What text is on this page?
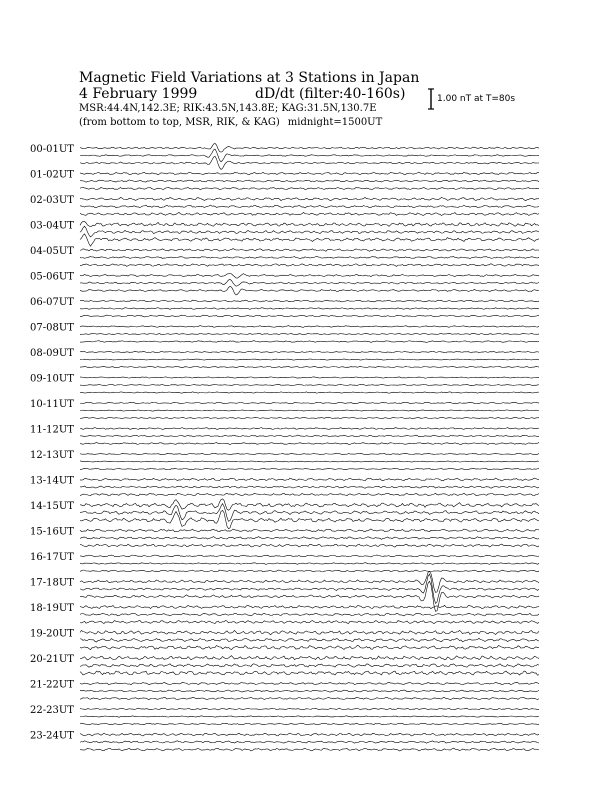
Magnetic Field Variations at 3 Stations in Japan
4 February 1999	dD/dt (filter:40-160s)
MSR:44.4N,142.3E; RIK:43.5N,143.8E; KAG:31.5N,130.7E
(from bottom to top, MSR, RIK, & KAG) midnight=1500UT
1.00 nT at T=80s
00-01UT
01-02UT
02-03UT
03-04UT
04-05UT
05-06UT
06-07UT
07-08UT
08-09UT
09-10UT
10-11UT
11-12UT
12-13UT
13-14UT
14-15UT
15-16UT
16-17UT
17-18UT
18-19UT
19-20UT
20-21UT
21-22UT
22-23UT
23-24UT
